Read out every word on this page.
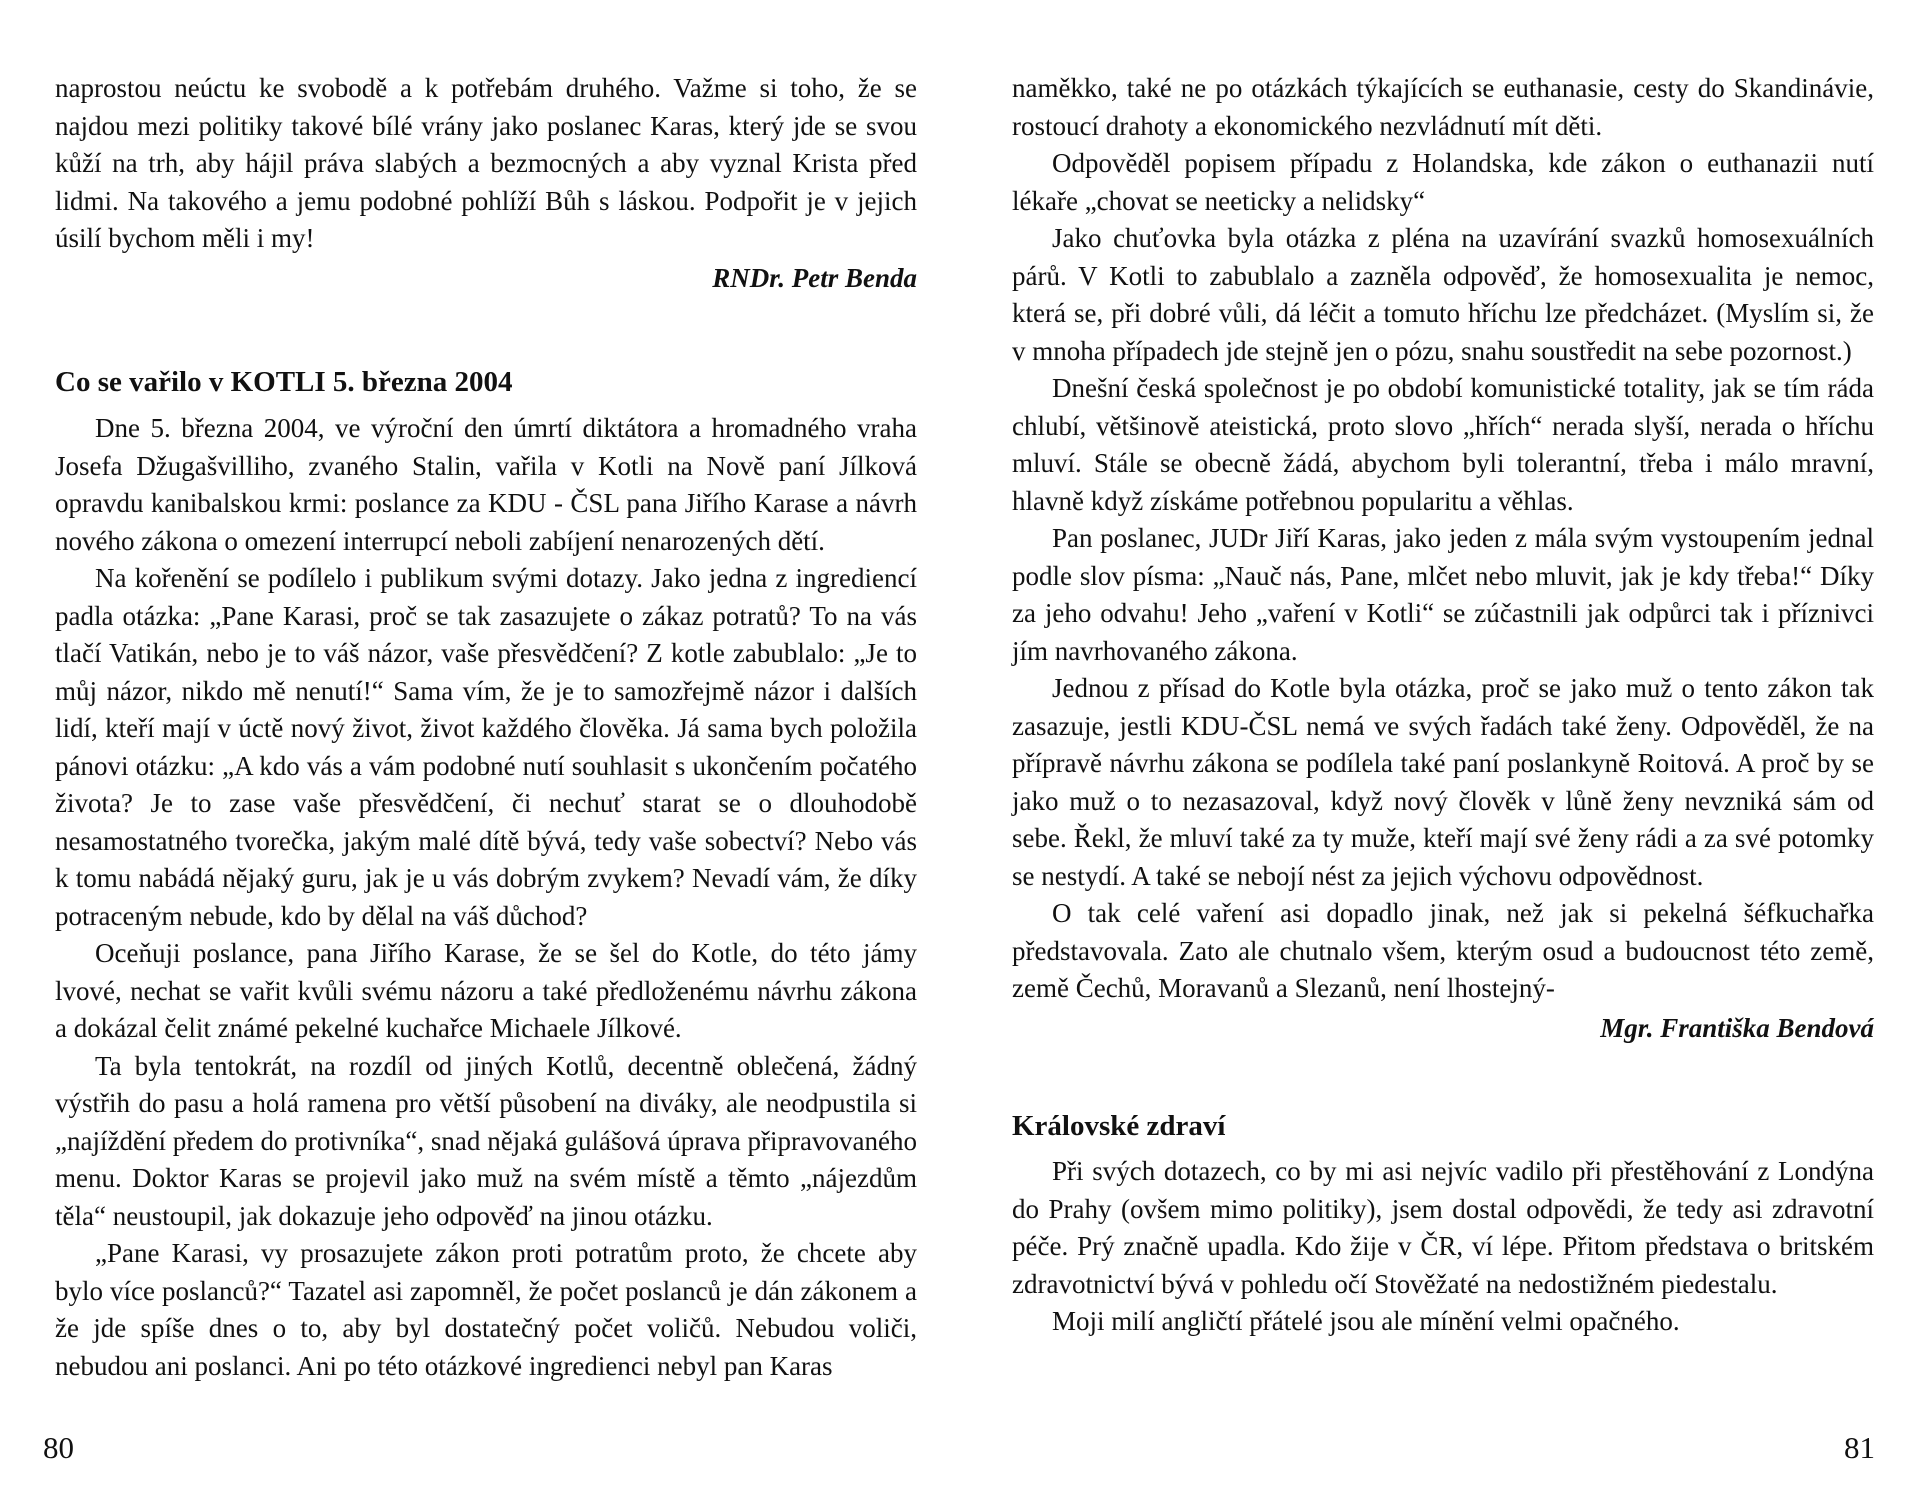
naprostou neúctu ke svobodě a k potřebám druhého. Važme si toho, že se najdou mezi politiky takové bílé vrány jako poslanec Karas, který jde se svou kůží na trh, aby hájil práva slabých a bezmocných a aby vyznal Krista před lidmi. Na takového a jemu podobné pohlíží Bůh s láskou. Podpořit je v jejich úsilí bychom měli i my!

RNDr. Petr Benda

Co se vařilo v KOTLI 5. března 2004

Dne 5. března 2004, ve výroční den úmrtí diktátora a hromadného vraha Josefa Džugašvilliho, zvaného Stalin, vařila v Kotli na Nově paní Jílková opravdu kanibalskou krmi: poslance za KDU - ČSL pana Jiřího Karase a návrh nového zákona o omezení interrupcí neboli zabíjení nenarozených dětí.

Na kořenění se podílelo i publikum svými dotazy. Jako jedna z ingrediencí padla otázka: „Pane Karasi, proč se tak zasazujete o zákaz potratů? To na vás tlačí Vatikán, nebo je to váš názor, vaše přesvědčení? Z kotle zabublalo: „Je to můj názor, nikdo mě nenutí!“ Sama vím, že je to samozřejmě názor i dalších lidí, kteří mají v úctě nový život, život každého člověka. Já sama bych položila pánovi otázku: „A kdo vás a vám podobné nutí souhlasit s ukončením počatého života? Je to zase vaše přesvědčení, či nechuť starat se o dlouhodobě nesamostatného tvorečka, jakým malé dítě bývá, tedy vaše sobectví? Nebo vás k tomu nabádá nějaký guru, jak je u vás dobrým zvykem? Nevadí vám, že díky potraceným nebude, kdo by dělal na váš důchod?

Oceňuji poslance, pana Jiřího Karase, že se šel do Kotle, do této jámy lvové, nechat se vařit kvůli svému názoru a také předloženému návrhu zákona a dokázal čelit známé pekelné kuchařce Michaele Jílkové.

Ta byla tentokrát, na rozdíl od jiných Kotlů, decentně oblečená, žádný výstřih do pasu a holá ramena pro větší působení na diváky, ale neodpustila si „najíždění předem do protivníka“, snad nějaká gulášová úprava připravovaného menu. Doktor Karas se projevil jako muž na svém místě a těmto „nájezdům těla“ neustoupil, jak dokazuje jeho odpověď na jinou otázku.

„Pane Karasi, vy prosazujete zákon proti potratům proto, že chcete aby bylo více poslanců?“ Tazatel asi zapomněl, že počet poslanců je dán zákonem a že jde spíše dnes o to, aby byl dostatečný počet voličů. Nebudou voliči, nebudou ani poslanci. Ani po této otázkové ingredienci nebyl pan Karas

80

naměkko, také ne po otázkách týkajících se euthanasie, cesty do Skandinávie, rostoucí drahoty a ekonomického nezvládnutí mít děti.

Odpověděl popisem případu z Holandska, kde zákon o euthanazii nutí lékaře „chovat se neeticky a nelidsky“

Jako chuťovka byla otázka z pléna na uzavírání svazků homosexuálních párů. V Kotli to zabublalo a zazněla odpověď, že homosexualita je nemoc, která se, při dobré vůli, dá léčit a tomuto hříchu lze předcházet. (Myslím si, že v mnoha případech jde stejně jen o pózu, snahu soustředit na sebe pozornost.)

Dnešní česká společnost je po období komunistické totality, jak se tím ráda chlubí, většinově ateistická, proto slovo „hřích“ nerada slyší, nerada o hříchu mluví. Stále se obecně žádá, abychom byli tolerantní, třeba i málo mravní, hlavně když získáme potřebnou popularitu a věhlas.

Pan poslanec, JUDr Jiří Karas, jako jeden z mála svým vystoupením jednal podle slov písma: „Nauč nás, Pane, mlčet nebo mluvit, jak je kdy třeba!“ Díky za jeho odvahu! Jeho „vaření v Kotli“ se zúčastnili jak odpůrci tak i příznivci jím navrhovaného zákona.

Jednou z přísad do Kotle byla otázka, proč se jako muž o tento zákon tak zasazuje, jestli KDU-ČSL nemá ve svých řadách také ženy. Odpověděl, že na přípravě návrhu zákona se podílela také paní poslankyně Roitová. A proč by se jako muž o to nezasazoval, když nový člověk v lůně ženy nevzniká sám od sebe. Řekl, že mluví také za ty muže, kteří mají své ženy rádi a za své potomky se nestydí. A také se nebojí nést za jejich výchovu odpovědnost.

O tak celé vaření asi dopadlo jinak, než jak si pekelná šéfkuchařka představovala. Zato ale chutnalo všem, kterým osud a budoucnost této země, země Čechů, Moravanů a Slezanů, není lhostejný-

Mgr. Františka Bendová

Královské zdraví

Při svých dotazech, co by mi asi nejvíc vadilo při přestěhování z Londýna do Prahy (ovšem mimo politiky), jsem dostal odpovědi, že tedy asi zdravotní péče. Prý značně upadla. Kdo žije v ČR, ví lépe. Přitom představa o britském zdravotnictví bývá v pohledu očí Stověžaté na nedostižném piedestalu.

Moji milí angličtí přátelé jsou ale mínění velmi opačného.

81
